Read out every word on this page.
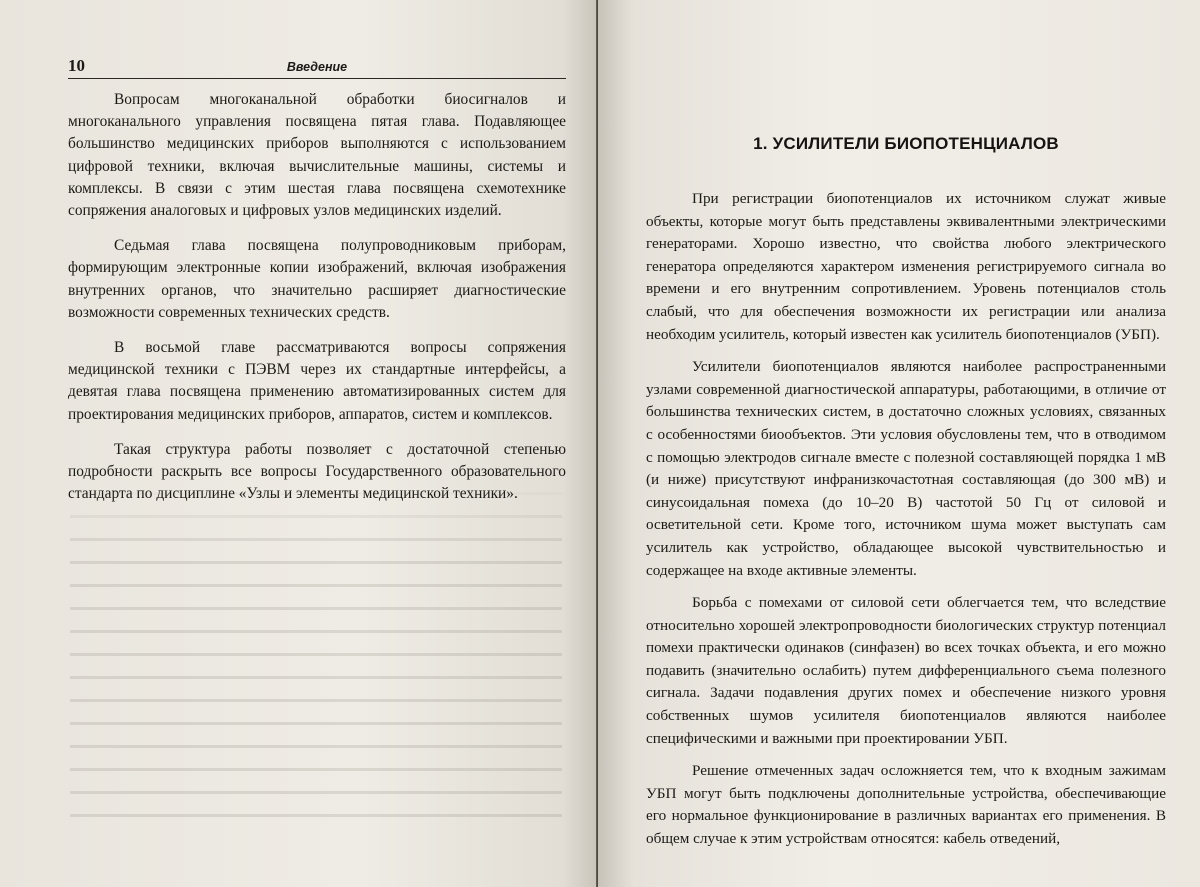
10	Введение

Вопросам многоканальной обработки биосигналов и многоканального управления посвящена пятая глава. Подавляющее большинство медицинских приборов выполняются с использованием цифровой техники, включая вычислительные машины, системы и комплексы. В связи с этим шестая глава посвящена схемотехнике сопряжения аналоговых и цифровых узлов медицинских изделий.

Седьмая глава посвящена полупроводниковым приборам, формирующим электронные копии изображений, включая изображения внутренних органов, что значительно расширяет диагностические возможности современных технических средств.

В восьмой главе рассматриваются вопросы сопряжения медицинской техники с ПЭВМ через их стандартные интерфейсы, а девятая глава посвящена применению автоматизированных систем для проектирования медицинских приборов, аппаратов, систем и комплексов.

Такая структура работы позволяет с достаточной степенью подробности раскрыть все вопросы Государственного образовательного стандарта по дисциплине «Узлы и элементы медицинской техники».

1. УСИЛИТЕЛИ БИОПОТЕНЦИАЛОВ

При регистрации биопотенциалов их источником служат живые объекты, которые могут быть представлены эквивалентными электрическими генераторами. Хорошо известно, что свойства любого электрического генератора определяются характером изменения регистрируемого сигнала во времени и его внутренним сопротивлением. Уровень потенциалов столь слабый, что для обеспечения возможности их регистрации или анализа необходим усилитель, который известен как усилитель биопотенциалов (УБП).

Усилители биопотенциалов являются наиболее распространенными узлами современной диагностической аппаратуры, работающими, в отличие от большинства технических систем, в достаточно сложных условиях, связанных с особенностями биообъектов. Эти условия обусловлены тем, что в отводимом с помощью электродов сигнале вместе с полезной составляющей порядка 1 мВ (и ниже) присутствуют инфранизкочастотная составляющая (до 300 мВ) и синусоидальная помеха (до 10–20 В) частотой 50 Гц от силовой и осветительной сети. Кроме того, источником шума может выступать сам усилитель как устройство, обладающее высокой чувствительностью и содержащее на входе активные элементы.

Борьба с помехами от силовой сети облегчается тем, что вследствие относительно хорошей электропроводности биологических структур потенциал помехи практически одинаков (синфазен) во всех точках объекта, и его можно подавить (значительно ослабить) путем дифференциального съема полезного сигнала. Задачи подавления других помех и обеспечение низкого уровня собственных шумов усилителя биопотенциалов являются наиболее специфическими и важными при проектировании УБП.

Решение отмеченных задач осложняется тем, что к входным зажимам УБП могут быть подключены дополнительные устройства, обеспечивающие его нормальное функционирование в различных вариантах его применения. В общем случае к этим устройствам относятся: кабель отведений,
